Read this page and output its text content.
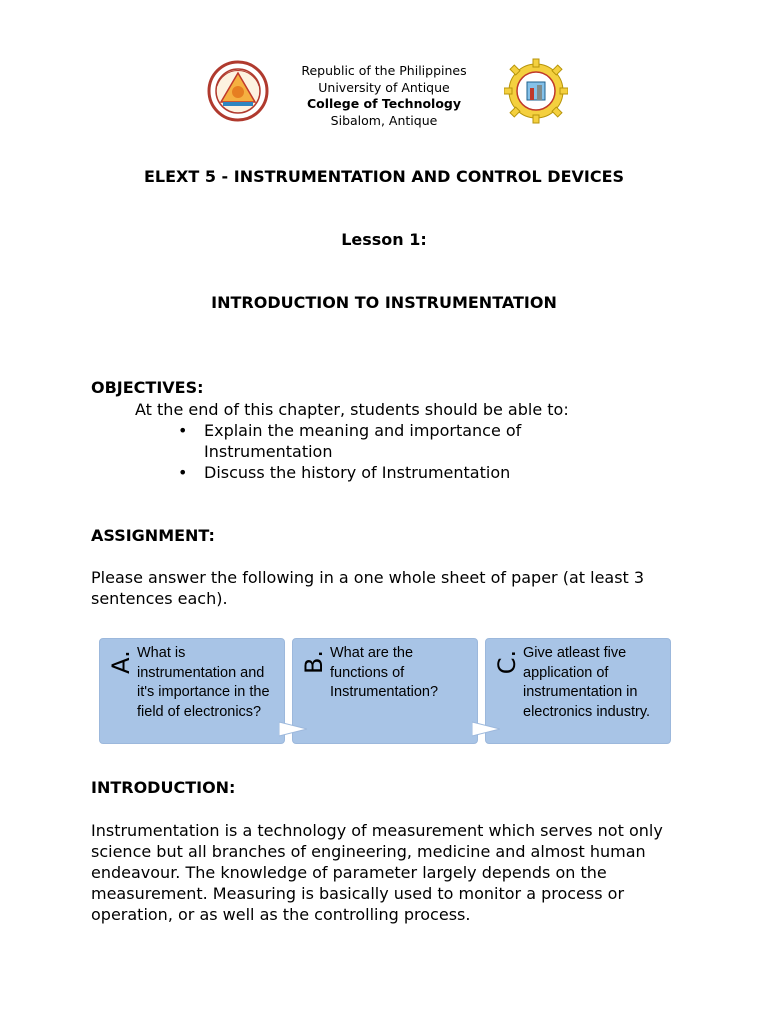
Republic of the Philippines
University of Antique
College of Technology
Sibalom, Antique
ELEXT 5 - INSTRUMENTATION AND CONTROL DEVICES
Lesson 1:
INTRODUCTION TO INSTRUMENTATION
OBJECTIVES:
At the end of this chapter, students should be able to:
• Explain the meaning and importance of Instrumentation
• Discuss the history of Instrumentation
ASSIGNMENT:
Please answer the following in a one whole sheet of paper (at least 3 sentences each).
A. What is instrumentation and it's importance in the field of electronics?
B. What are the functions of Instrumentation?
C. Give atleast five application of instrumentation in electronics industry.
INTRODUCTION:
Instrumentation is a technology of measurement which serves not only science but all branches of engineering, medicine and almost human endeavour. The knowledge of parameter largely depends on the measurement. Measuring is basically used to monitor a process or operation, or as well as the controlling process.
